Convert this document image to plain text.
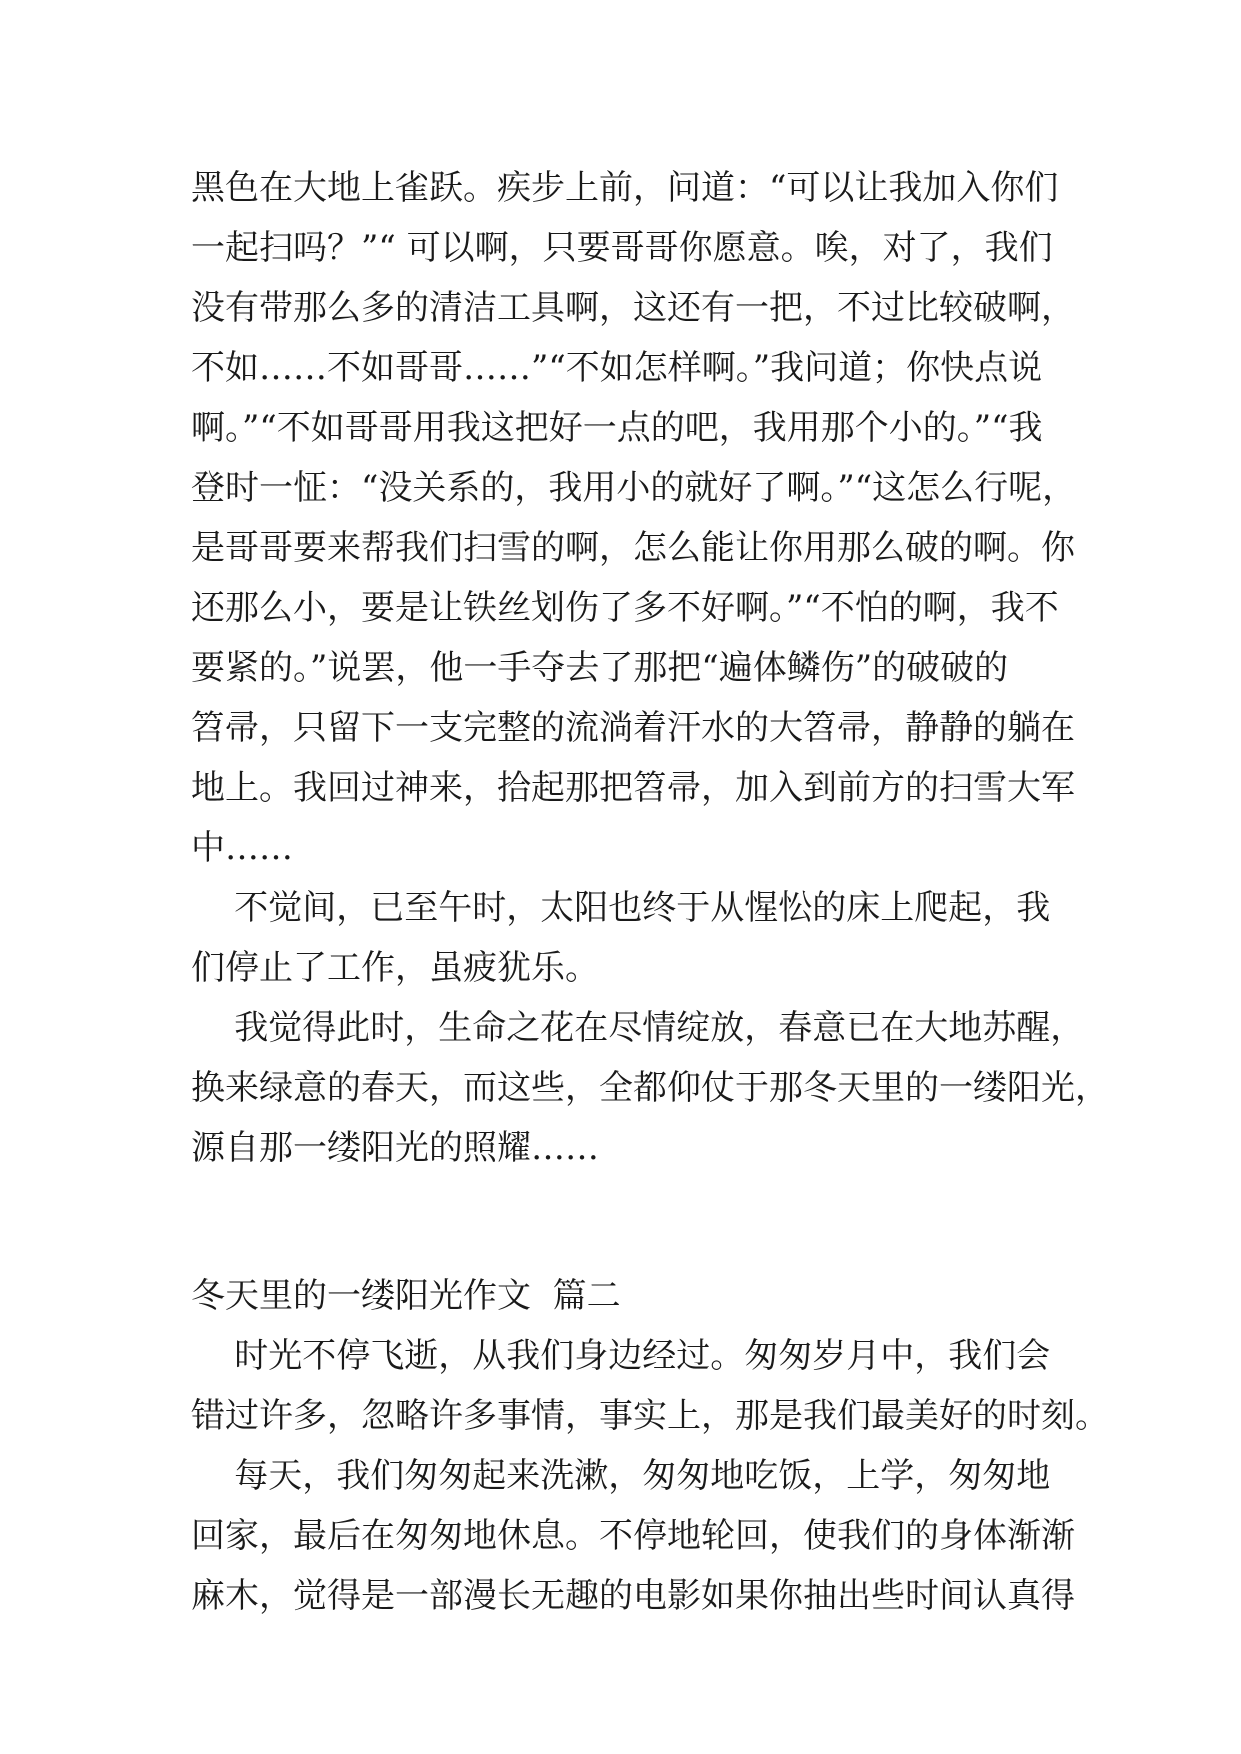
黑色在大地上雀跃。疾步上前，问道：“可以让我加入你们
一起扫吗？”“ 可以啊，只要哥哥你愿意。唉，对了，我们
没有带那么多的清洁工具啊，这还有一把，不过比较破啊，
不如……不如哥哥……”“不如怎样啊。”我问道；你快点说
啊。”“不如哥哥用我这把好一点的吧，我用那个小的。”“我
登时一怔：“没关系的，我用小的就好了啊。”“这怎么行呢，
是哥哥要来帮我们扫雪的啊，怎么能让你用那么破的啊。你
还那么小，要是让铁丝划伤了多不好啊。”“不怕的啊，我不
要紧的。”说罢，他一手夺去了那把“遍体鳞伤”的破破的
笤帚，只留下一支完整的流淌着汗水的大笤帚，静静的躺在
地上。我回过神来，拾起那把笤帚，加入到前方的扫雪大军
中……
不觉间，已至午时，太阳也终于从惺忪的床上爬起，我
们停止了工作，虽疲犹乐。
我觉得此时，生命之花在尽情绽放，春意已在大地苏醒，
换来绿意的春天，而这些，全都仰仗于那冬天里的一缕阳光，
源自那一缕阳光的照耀……
冬天里的一缕阳光作文  篇二
时光不停飞逝，从我们身边经过。匆匆岁月中，我们会
错过许多，忽略许多事情，事实上，那是我们最美好的时刻。
每天，我们匆匆起来洗漱，匆匆地吃饭，上学，匆匆地
回家，最后在匆匆地休息。不停地轮回，使我们的身体渐渐
麻木，觉得是一部漫长无趣的电影如果你抽出些时间认真得
